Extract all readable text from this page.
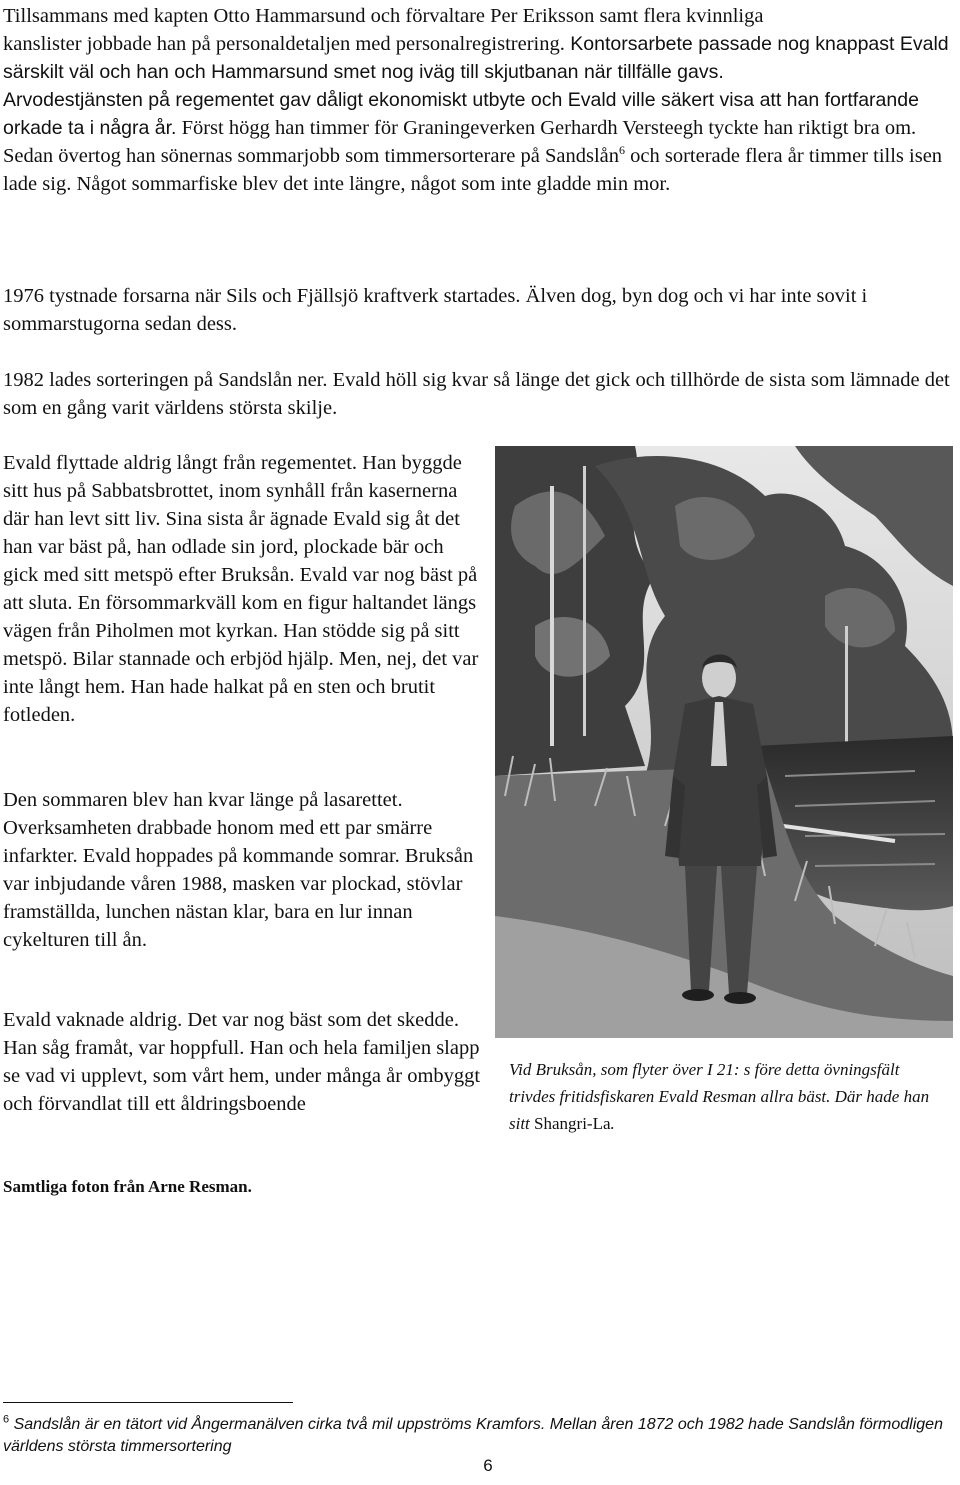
Tillsammans med kapten Otto Hammarsund och förvaltare Per Eriksson samt flera kvinnliga
kanslister jobbade han på personaldetaljen med personalregistrering. Kontorsarbete passade nog knappast Evald särskilt väl och han och Hammarsund smet nog iväg till skjutbanan när tillfälle gavs.

Arvodestjänsten på regementet gav dåligt ekonomiskt utbyte och Evald ville säkert visa att han fortfarande orkade ta i några år. Först högg han timmer för Graningeverken Gerhardh Versteegh tyckte han riktigt bra om. Sedan övertog han sönernas sommarjobb som timmersorterare på Sandslån$^6$ och sorterade flera år timmer tills isen lade sig. Något sommarfiske blev det inte längre, något som inte gladde min mor.

1976 tystnade forsarna när Sils och Fjällsjö kraftverk startades. Älven dog, byn dog och vi har inte sovit i sommarstugorna sedan dess.

1982 lades sorteringen på Sandslån ner. Evald höll sig kvar så länge det gick och tillhörde de sista som lämnade det som en gång varit världens största skilje.

Evald flyttade aldrig långt från regementet. Han byggde sitt hus på Sabbatsbrottet, inom synhåll från kasernerna där han levt sitt liv. Sina sista år ägnade Evald sig åt det han var bäst på, han odlade sin jord, plockade bär och gick med sitt metspö efter Bruksån. Evald var nog bäst på att sluta. En försommarkväll kom en figur haltandet längs vägen från Piholmen mot kyrkan. Han stödde sig på sitt metspö. Bilar stannade och erbjöd hjälp. Men, nej, det var inte långt hem. Han hade halkat på en sten och brutit fotleden.

Den sommaren blev han kvar länge på lasarettet. Overksamheten drabbade honom med ett par smärre infarkter. Evald hoppades på kommande somrar. Bruksån var inbjudande våren 1988, masken var plockad, stövlar framställda, lunchen nästan klar, bara en lur innan cykelturen till ån.

Evald vaknade aldrig. Det var nog bäst som det skedde. Han såg framåt, var hoppfull. Han och hela familjen slapp se vad vi upplevt, som vårt hem, under många år ombyggt och förvandlat till ett åldringsboende

Vid Bruksån, som flyter över I 21: s före detta övningsfält trivdes fritidsfiskaren Evald Resman allra bäst. Där hade han sitt Shangri-La.
Samtliga foton från Arne Resman.
$^6$ Sandslån är en tätort vid Ångermanälven cirka två mil uppströms Kramfors. Mellan åren 1872 och 1982 hade Sandslån förmodligen världens största timmersortering
6
